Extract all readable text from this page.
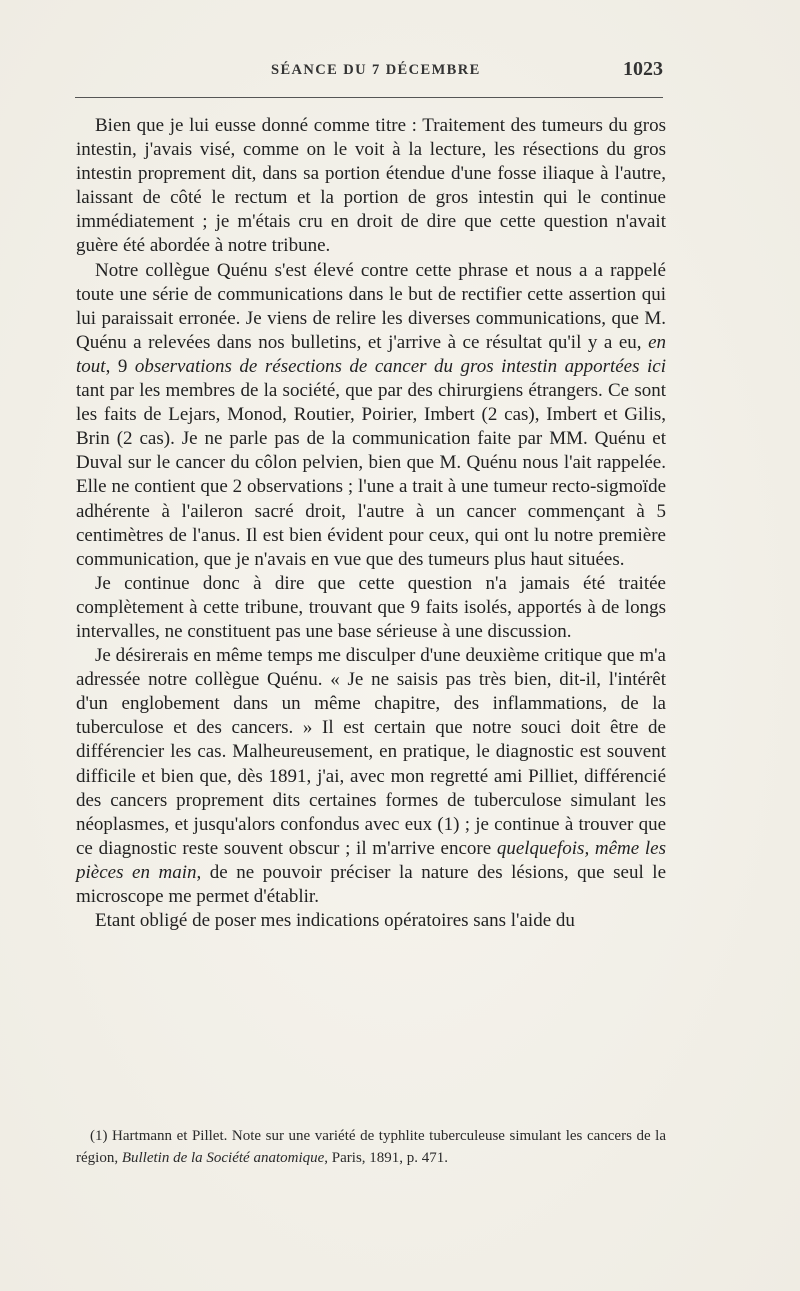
SÉANCE DU 7 DÉCEMBRE	1023

Bien que je lui eusse donné comme titre : Traitement des tumeurs du gros intestin, j'avais visé, comme on le voit à la lecture, les résections du gros intestin proprement dit, dans sa portion étendue d'une fosse iliaque à l'autre, laissant de côté le rectum et la portion de gros intestin qui le continue immédiatement ; je m'étais cru en droit de dire que cette question n'avait guère été abordée à notre tribune.

Notre collègue Quénu s'est élevé contre cette phrase et nous a a rappelé toute une série de communications dans le but de rectifier cette assertion qui lui paraissait erronée. Je viens de relire les diverses communications, que M. Quénu a relevées dans nos bulletins, et j'arrive à ce résultat qu'il y a eu, en tout, 9 observations de résections de cancer du gros intestin apportées ici tant par les membres de la société, que par des chirurgiens étrangers. Ce sont les faits de Lejars, Monod, Routier, Poirier, Imbert (2 cas), Imbert et Gilis, Brin (2 cas). Je ne parle pas de la communication faite par MM. Quénu et Duval sur le cancer du côlon pelvien, bien que M. Quénu nous l'ait rappelée. Elle ne contient que 2 observations ; l'une a trait à une tumeur recto-sigmoïde adhérente à l'aileron sacré droit, l'autre à un cancer commençant à 5 centimètres de l'anus. Il est bien évident pour ceux, qui ont lu notre première communication, que je n'avais en vue que des tumeurs plus haut situées.

Je continue donc à dire que cette question n'a jamais été traitée complètement à cette tribune, trouvant que 9 faits isolés, apportés à de longs intervalles, ne constituent pas une base sérieuse à une discussion.

Je désirerais en même temps me disculper d'une deuxième critique que m'a adressée notre collègue Quénu. « Je ne saisis pas très bien, dit-il, l'intérêt d'un englobement dans un même chapitre, des inflammations, de la tuberculose et des cancers. » Il est certain que notre souci doit être de différencier les cas. Malheureusement, en pratique, le diagnostic est souvent difficile et bien que, dès 1891, j'ai, avec mon regretté ami Pilliet, différencié des cancers proprement dits certaines formes de tuberculose simulant les néoplasmes, et jusqu'alors confondus avec eux (1) ; je continue à trouver que ce diagnostic reste souvent obscur ; il m'arrive encore quelquefois, même les pièces en main, de ne pouvoir préciser la nature des lésions, que seul le microscope me permet d'établir.

Etant obligé de poser mes indications opératoires sans l'aide du

(1) Hartmann et Pillet. Note sur une variété de typhlite tuberculeuse simulant les cancers de la région, Bulletin de la Société anatomique, Paris, 1891, p. 471.
